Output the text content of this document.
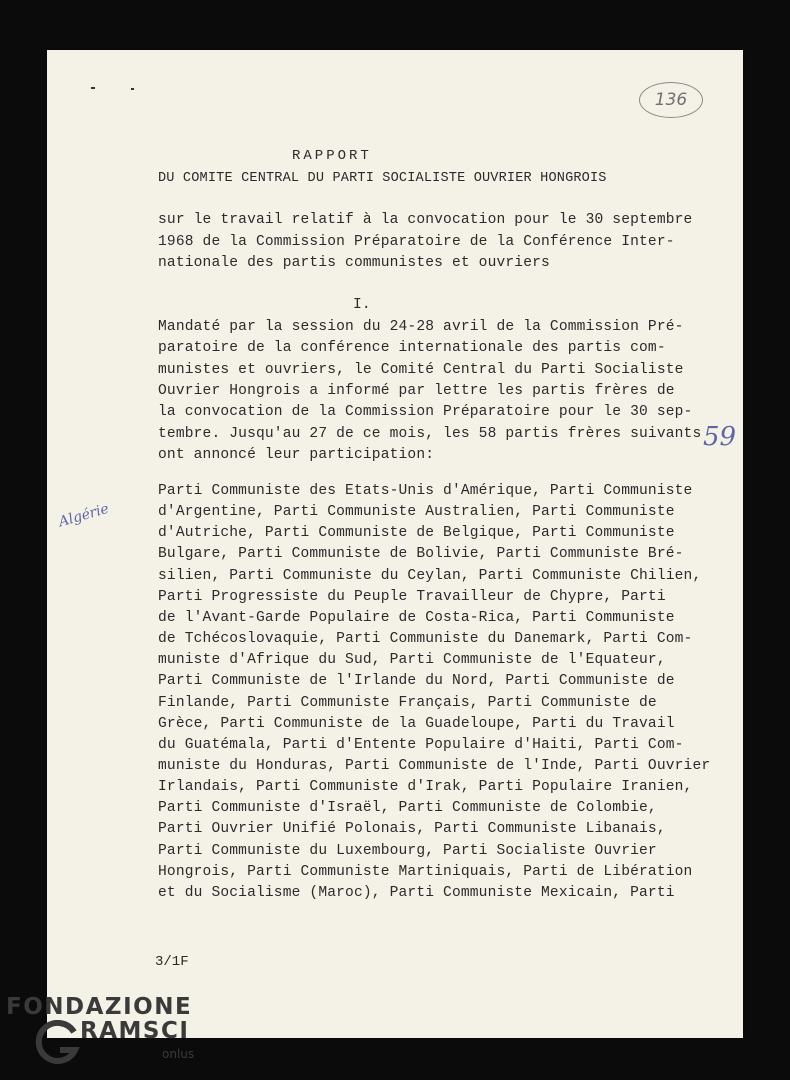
136
RAPPORT
DU COMITE CENTRAL DU PARTI SOCIALISTE OUVRIER HONGROIS
sur le travail relatif à la convocation pour le 30 septembre
1968 de la Commission Préparatoire de la Conférence Inter-
nationale des partis communistes et ouvriers
I.
Mandaté par la session du 24-28 avril de la Commission Pré-
paratoire de la conférence internationale des partis com-
munistes et ouvriers, le Comité Central du Parti Socialiste
Ouvrier Hongrois a informé par lettre les partis frères de
la convocation de la Commission Préparatoire pour le 30 sep-
tembre. Jusqu'au 27 de ce mois, les 58 partis frères suivants
ont annoncé leur participation:
59
Algérie
Parti Communiste des Etats-Unis d'Amérique, Parti Communiste
d'Argentine, Parti Communiste Australien, Parti Communiste
d'Autriche, Parti Communiste de Belgique, Parti Communiste
Bulgare, Parti Communiste de Bolivie, Parti Communiste Bré-
silien, Parti Communiste du Ceylan, Parti Communiste Chilien,
Parti Progressiste du Peuple Travailleur de Chypre, Parti
de l'Avant-Garde Populaire de Costa-Rica, Parti Communiste
de Tchécoslovaquie, Parti Communiste du Danemark, Parti Com-
muniste d'Afrique du Sud, Parti Communiste de l'Equateur,
Parti Communiste de l'Irlande du Nord, Parti Communiste de
Finlande, Parti Communiste Français, Parti Communiste de
Grèce, Parti Communiste de la Guadeloupe, Parti du Travail
du Guatémala, Parti d'Entente Populaire d'Haiti, Parti Com-
muniste du Honduras, Parti Communiste de l'Inde, Parti Ouvrier
Irlandais, Parti Communiste d'Irak, Parti Populaire Iranien,
Parti Communiste d'Israël, Parti Communiste de Colombie,
Parti Ouvrier Unifié Polonais, Parti Communiste Libanais,
Parti Communiste du Luxembourg, Parti Socialiste Ouvrier
Hongrois, Parti Communiste Martiniquais, Parti de Libération
et du Socialisme (Maroc), Parti Communiste Mexicain, Parti
3/1F
FONDAZIONE
RAMSCI
onlus
